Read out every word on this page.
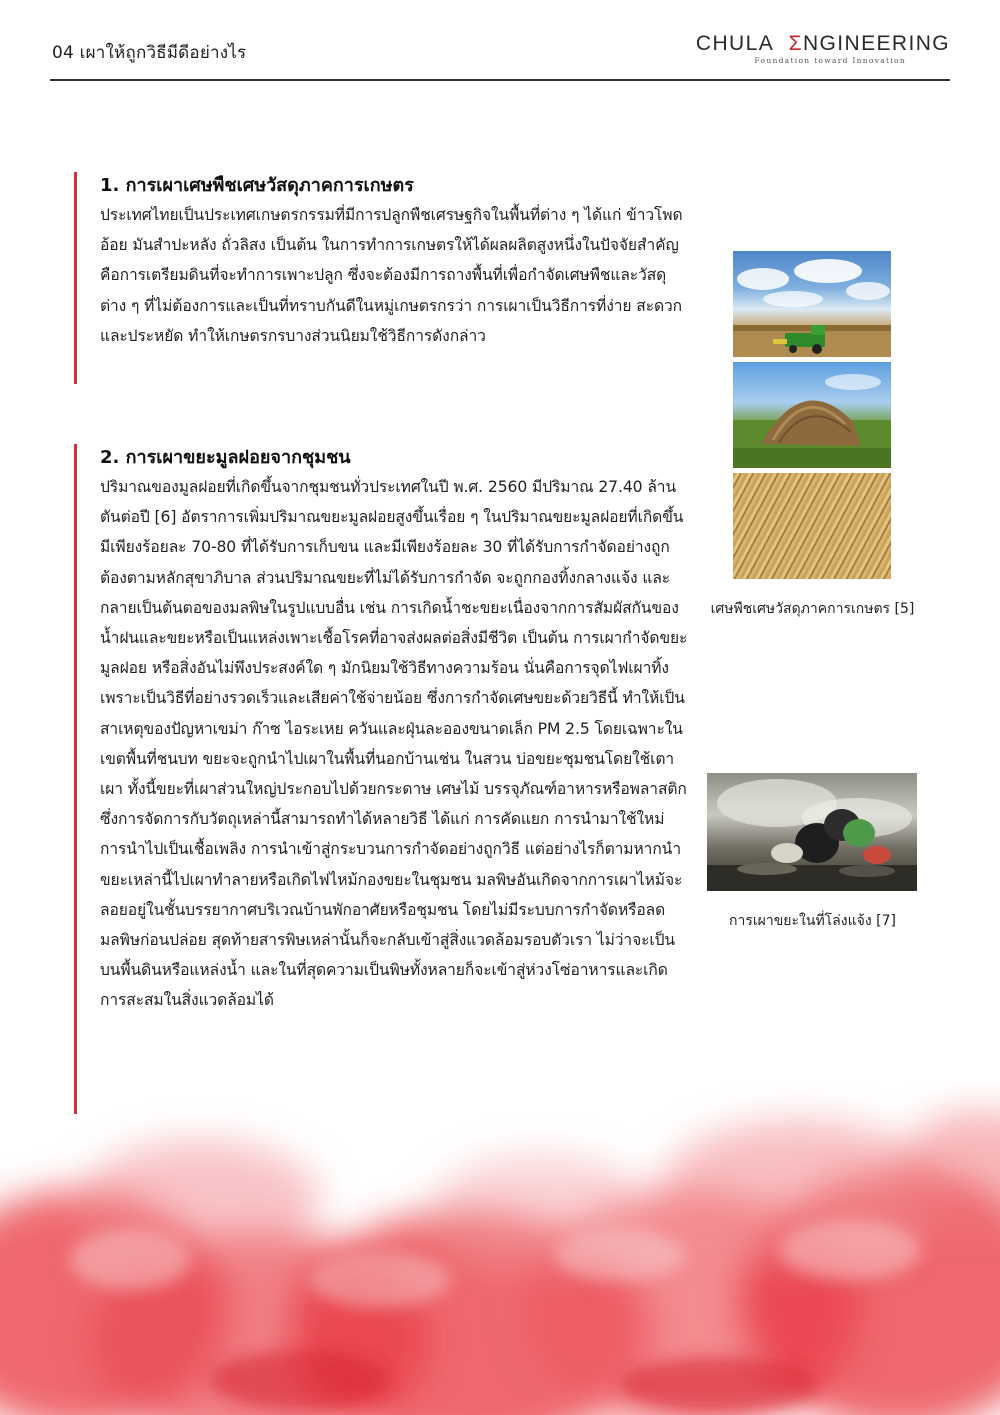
04 เผาให้ถูกวิธีมีดีอย่างไร	CHULA ΣNGINEERING
Foundation toward Innovation
1. การเผาเศษพืชเศษวัสดุภาคการเกษตร

ประเทศไทยเป็นประเทศเกษตรกรรมที่มีการปลูกพืชเศรษฐกิจในพื้นที่ต่าง ๆ ได้แก่ ข้าวโพด อ้อย มันสำปะหลัง ถั่วลิสง เป็นต้น ในการทำการเกษตรให้ได้ผลผลิตสูงหนึ่งในปัจจัยสำคัญคือการเตรียมดินที่จะทำการเพาะปลูก ซึ่งจะต้องมีการถางพื้นที่เพื่อกำจัดเศษพืชและวัสดุต่าง ๆ ที่ไม่ต้องการและเป็นที่ทราบกันดีในหมู่เกษตรกรว่า การเผาเป็นวิธีการที่ง่าย สะดวกและประหยัด ทำให้เกษตรกรบางส่วนนิยมใช้วิธีการดังกล่าว

2. การเผาขยะมูลฝอยจากชุมชน

ปริมาณของมูลฝอยที่เกิดขึ้นจากชุมชนทั่วประเทศในปี พ.ศ. 2560 มีปริมาณ 27.40 ล้านตันต่อปี [6] อัตราการเพิ่มปริมาณขยะมูลฝอยสูงขึ้นเรื่อย ๆ ในปริมาณขยะมูลฝอยที่เกิดขึ้นมีเพียงร้อยละ 70-80 ที่ได้รับการเก็บขน และมีเพียงร้อยละ 30 ที่ได้รับการกำจัดอย่างถูกต้องตามหลักสุขาภิบาล ส่วนปริมาณขยะที่ไม่ได้รับการกำจัด จะถูกกองทิ้งกลางแจ้ง และกลายเป็นต้นตอของมลพิษในรูปแบบอื่น เช่น การเกิดน้ำชะขยะเนื่องจากการสัมผัสกันของน้ำฝนและขยะหรือเป็นแหล่งเพาะเชื้อโรคที่อาจส่งผลต่อสิ่งมีชีวิต เป็นต้น การเผากำจัดขยะมูลฝอย หรือสิ่งอันไม่พึงประสงค์ใด ๆ มักนิยมใช้วิธีทางความร้อน นั่นคือการจุดไฟเผาทิ้ง เพราะเป็นวิธีที่อย่างรวดเร็วและเสียค่าใช้จ่ายน้อย ซึ่งการกำจัดเศษขยะด้วยวิธีนี้ ทำให้เป็นสาเหตุของปัญหาเขม่า ก๊าซ ไอระเหย ควันและฝุ่นละอองขนาดเล็ก PM 2.5 โดยเฉพาะในเขตพื้นที่ชนบท ขยะจะถูกนำไปเผาในพื้นที่นอกบ้านเช่น ในสวน บ่อขยะชุมชนโดยใช้เตาเผา ทั้งนี้ขยะที่เผาส่วนใหญ่ประกอบไปด้วยกระดาษ เศษไม้ บรรจุภัณฑ์อาหารหรือพลาสติก ซึ่งการจัดการกับวัตถุเหล่านี้สามารถทำได้หลายวิธี ได้แก่ การคัดแยก การนำมาใช้ใหม่ การนำไปเป็นเชื้อเพลิง การนำเข้าสู่กระบวนการกำจัดอย่างถูกวิธี แต่อย่างไรก็ตามหากนำขยะเหล่านี้ไปเผาทำลายหรือเกิดไฟไหม้กองขยะในชุมชน มลพิษอันเกิดจากการเผาไหม้จะลอยอยู่ในชั้นบรรยากาศบริเวณบ้านพักอาศัยหรือชุมชน โดยไม่มีระบบการกำจัดหรือลดมลพิษก่อนปล่อย สุดท้ายสารพิษเหล่านั้นก็จะกลับเข้าสู่สิ่งแวดล้อมรอบตัวเรา ไม่ว่าจะเป็นบนพื้นดินหรือแหล่งน้ำ และในที่สุดความเป็นพิษทั้งหลายก็จะเข้าสู่ห่วงโซ่อาหารและเกิดการสะสมในสิ่งแวดล้อมได้

เศษพืชเศษวัสดุภาคการเกษตร [5]
การเผาขยะในที่โล่งแจ้ง [7]
